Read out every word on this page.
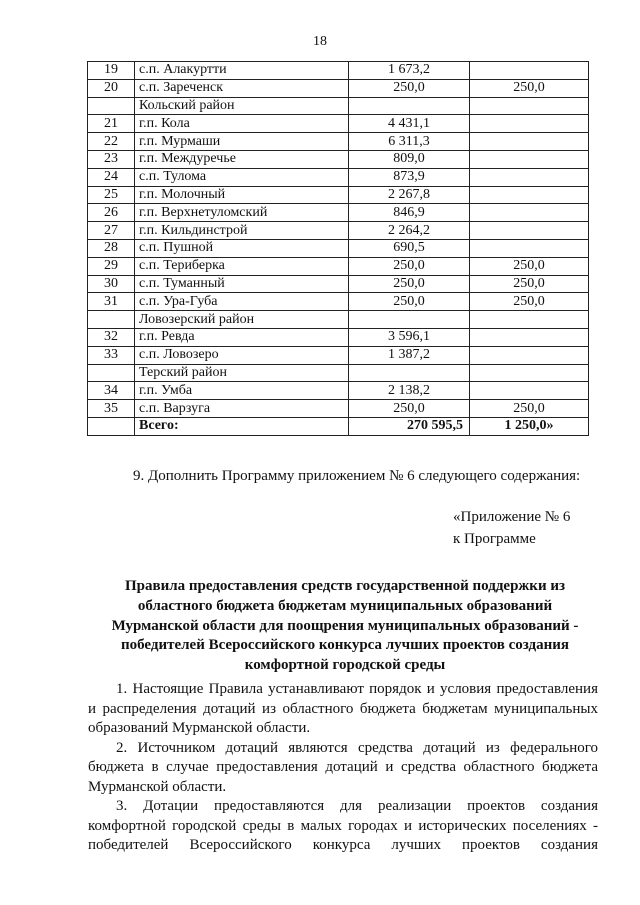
18
19	с.п. Алакуртти	1 673,2	
20	с.п. Зареченск	250,0	250,0
	Кольский район		
21	г.п. Кола	4 431,1	
22	г.п. Мурмаши	6 311,3	
23	г.п. Междуречье	809,0	
24	с.п. Тулома	873,9	
25	г.п. Молочный	2 267,8	
26	г.п. Верхнетуломский	846,9	
27	г.п. Кильдинстрой	2 264,2	
28	с.п. Пушной	690,5	
29	с.п. Териберка	250,0	250,0
30	с.п. Туманный	250,0	250,0
31	с.п. Ура-Губа	250,0	250,0
	Ловозерский район		
32	г.п. Ревда	3 596,1	
33	с.п. Ловозеро	1 387,2	
	Терский район		
34	г.п. Умба	2 138,2	
35	с.п. Варзуга	250,0	250,0
	Всего:	270 595,5	1 250,0»
9. Дополнить Программу приложением № 6 следующего содержания:
«Приложение № 6
к Программе
Правила предоставления средств государственной поддержки из областного бюджета бюджетам муниципальных образований Мурманской области для поощрения муниципальных образований - победителей Всероссийского конкурса лучших проектов создания комфортной городской среды

1. Настоящие Правила устанавливают порядок и условия предоставления и распределения дотаций из областного бюджета бюджетам муниципальных образований Мурманской области.

2. Источником дотаций являются средства дотаций из федерального бюджета в случае предоставления дотаций и средства областного бюджета Мурманской области.

3. Дотации предоставляются для реализации проектов создания комфортной городской среды в малых городах и исторических поселениях - победителей Всероссийского конкурса лучших проектов создания
